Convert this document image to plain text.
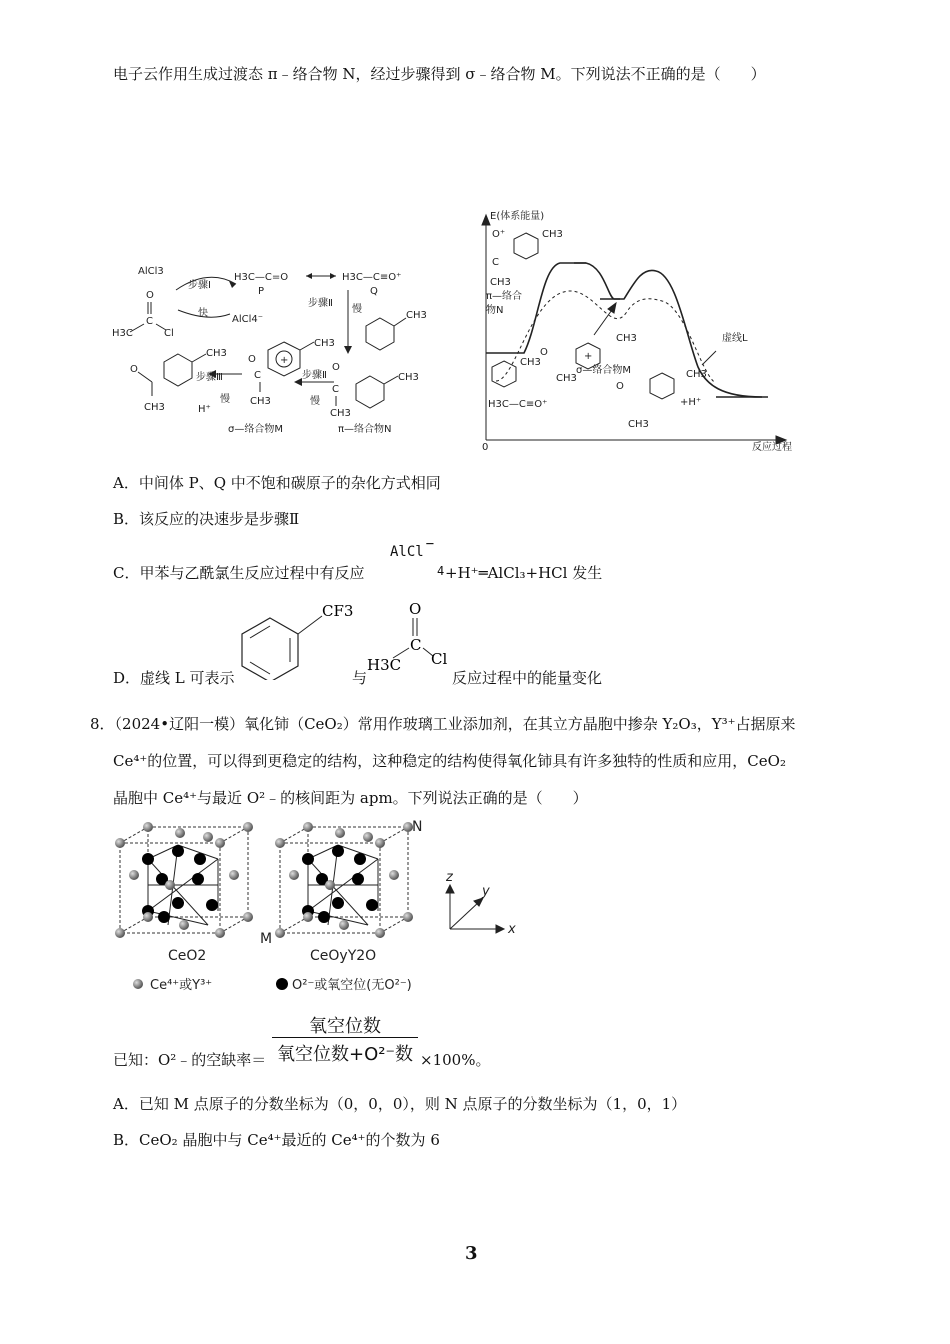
电子云作用生成过渡态 π﹣络合物 N，经过步骤得到 σ﹣络合物 M。下列说法不正确的是（　　）
AlCl3
O
C
H3C	Cl
步骤Ⅰ
快
AlCl4⁻
H3C—C=O
P
H3C—C≡O⁺
Q
步骤Ⅱ
慢
CH3
CH3
O
C
CH3
π—络合物N
步骤Ⅱ
慢
+
CH3
O
C
CH3
σ—络合物M
步骤Ⅲ
慢
H⁺
CH3
O
CH3
E(体系能量)
反应过程
0
O⁺	CH3
C
CH3
π—络合
物N
CH3
O
CH3
+
CH3
σ—络合物M
H3C—C≡O⁺
虚线L
O
CH3
+H⁺
CH3
A．中间体 P、Q 中不饱和碳原子的杂化方式相同
B．该反应的决速步是步骤Ⅱ
C．甲苯与乙酰氯生反应过程中有反应
AlCl −
4 +H⁺═AlCl₃+HCl 发生
D．虚线 L 可表示
CF3
与
O
C
H3C Cl
反应过程中的能量变化
8．（2024•辽阳一模）氧化铈（CeO₂）常用作玻璃工业添加剂，在其立方晶胞中掺杂 Y₂O₃，Y³⁺占据原来
Ce⁴⁺的位置，可以得到更稳定的结构，这种稳定的结构使得氧化铈具有许多独特的性质和应用，CeO₂
晶胞中 Ce⁴⁺与最近 O²﹣的核间距为 apm。下列说法正确的是（　　）
CeO2
M
N
CeOyY2O
x
y
z
Ce⁴⁺或Y³⁺	O²⁻或氧空位(无O²⁻)
已知：O²﹣的空缺率＝
氧空位数
氧空位数+O²⁻数 ×100%。
A．已知 M 点原子的分数坐标为（0，0，0），则 N 点原子的分数坐标为（1，0，1）
B．CeO₂ 晶胞中与 Ce⁴⁺最近的 Ce⁴⁺的个数为 6
3
